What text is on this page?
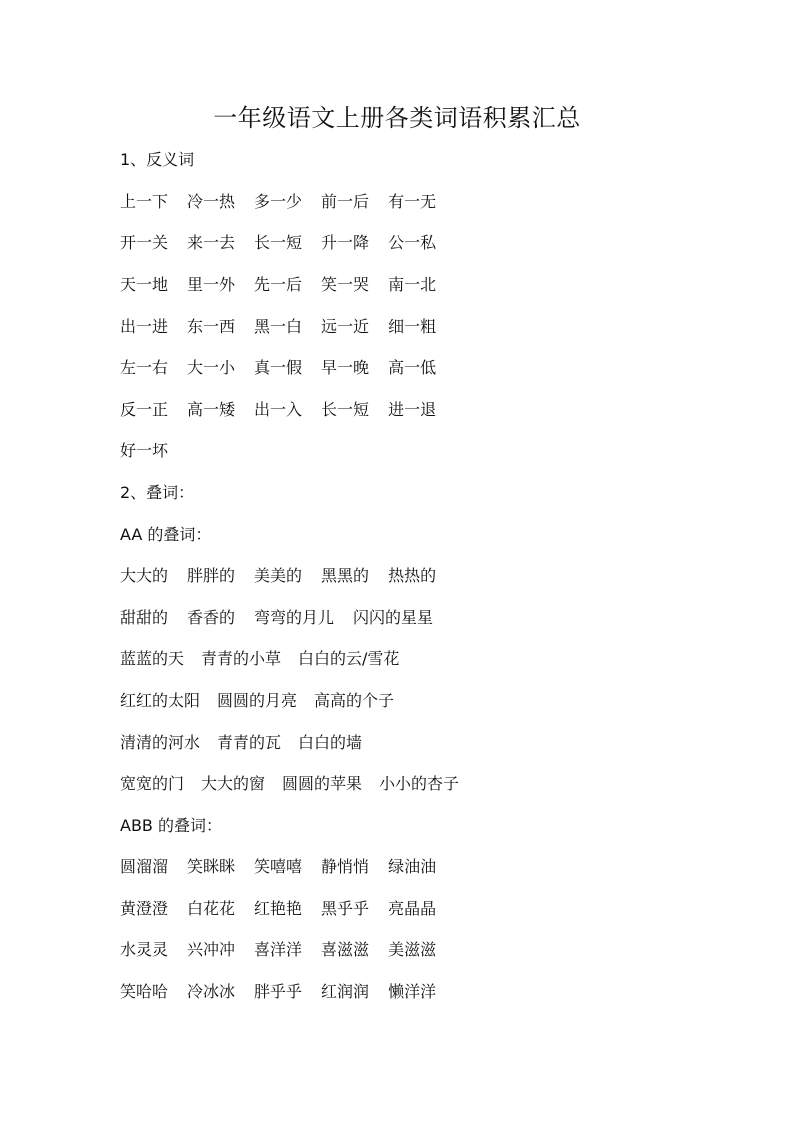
一年级语文上册各类词语积累汇总
1、反义词
上一下 冷一热 多一少 前一后 有一无
开一关 来一去 长一短 升一降 公一私
天一地 里一外 先一后 笑一哭 南一北
出一进 东一西 黑一白 远一近 细一粗
左一右 大一小 真一假 早一晚 高一低
反一正 高一矮 出一入 长一短 进一退
好一坏
2、叠词：
AA 的叠词：
大大的 胖胖的 美美的 黑黑的 热热的
甜甜的 香香的 弯弯的月儿 闪闪的星星
蓝蓝的天 青青的小草 白白的云/雪花
红红的太阳 圆圆的月亮 高高的个子
清清的河水 青青的瓦 白白的墙
宽宽的门 大大的窗 圆圆的苹果 小小的杏子
ABB 的叠词：
圆溜溜 笑眯眯 笑嘻嘻 静悄悄 绿油油
黄澄澄 白花花 红艳艳 黑乎乎 亮晶晶
水灵灵 兴冲冲 喜洋洋 喜滋滋 美滋滋
笑哈哈 冷冰冰 胖乎乎 红润润 懒洋洋
